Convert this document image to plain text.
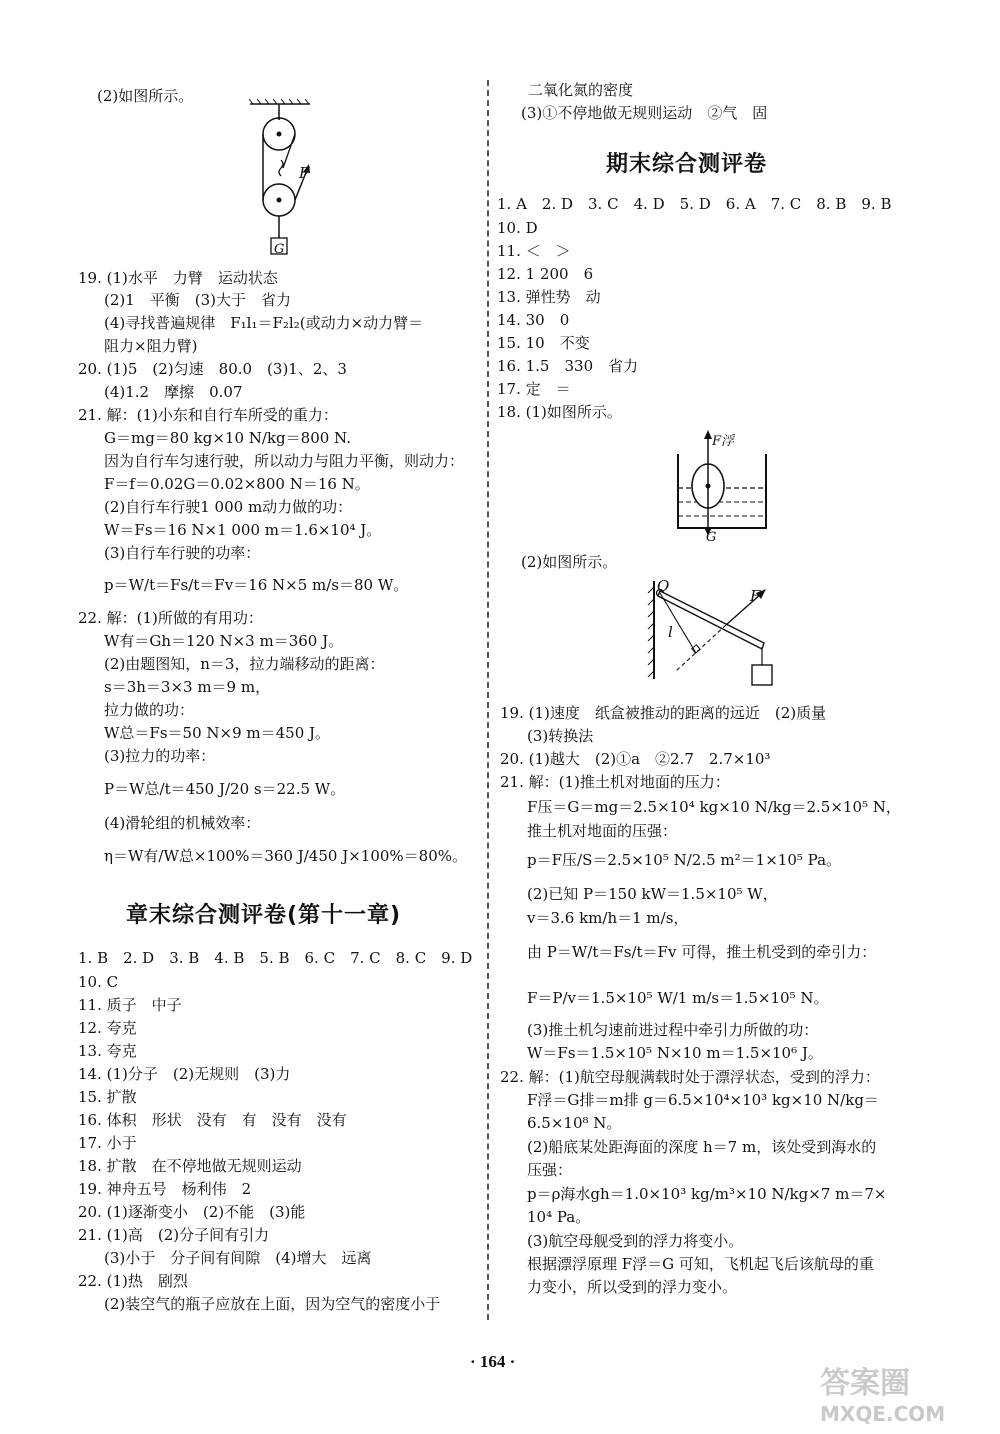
(2)如图所示。
F
G
19. (1)水平　力臂　运动状态
(2)1　平衡　(3)大于　省力
(4)寻找普遍规律　F₁l₁＝F₂l₂(或动力×动力臂＝
阻力×阻力臂)
20. (1)5　(2)匀速　80.0　(3)1、2、3
(4)1.2　摩擦　0.07
21. 解：(1)小东和自行车所受的重力：
G＝mg＝80 kg×10 N/kg＝800 N.
因为自行车匀速行驶，所以动力与阻力平衡，则动力：
F＝f＝0.02G＝0.02×800 N＝16 N。
(2)自行车行驶1 000 m动力做的功：
W＝Fs＝16 N×1 000 m＝1.6×10⁴ J。
(3)自行车行驶的功率：
p＝W/t＝Fs/t＝Fv＝16 N×5 m/s＝80 W。
22. 解：(1)所做的有用功：
W有＝Gh＝120 N×3 m＝360 J。
(2)由题图知，n＝3，拉力端移动的距离：
s＝3h＝3×3 m＝9 m，
拉力做的功：
W总＝Fs＝50 N×9 m＝450 J。
(3)拉力的功率：
P＝W总/t＝450 J/20 s＝22.5 W。
(4)滑轮组的机械效率：
η＝W有/W总×100%＝360 J/450 J×100%＝80%。
章末综合测评卷(第十一章)
1. B　2. D　3. B　4. B　5. B　6. C　7. C　8. C　9. D
10. C
11. 质子　中子
12. 夸克
13. 夸克
14. (1)分子　(2)无规则　(3)力
15. 扩散
16. 体积　形状　没有　有　没有　没有
17. 小于
18. 扩散　在不停地做无规则运动
19. 神舟五号　杨利伟　2
20. (1)逐渐变小　(2)不能　(3)能
21. (1)高　(2)分子间有引力
(3)小于　分子间有间隙　(4)增大　远离
22. (1)热　剧烈
(2)装空气的瓶子应放在上面，因为空气的密度小于
二氧化氮的密度
(3)①不停地做无规则运动　②气　固
期末综合测评卷
1. A　2. D　3. C　4. D　5. D　6. A　7. C　8. B　9. B
10. D
11. ＜　＞
12. 1 200　6
13. 弹性势　动
14. 30　0
15. 10　不变
16. 1.5　330　省力
17. 定　＝
18. (1)如图所示。
F浮
G
(2)如图所示。
O
F
l
19. (1)速度　纸盒被推动的距离的远近　(2)质量
(3)转换法
20. (1)越大　(2)①a　②2.7　2.7×10³
21. 解：(1)推土机对地面的压力：
F压＝G＝mg＝2.5×10⁴ kg×10 N/kg＝2.5×10⁵ N，
推土机对地面的压强：
p＝F压/S＝2.5×10⁵ N/2.5 m²＝1×10⁵ Pa。
(2)已知 P＝150 kW＝1.5×10⁵ W，
v＝3.6 km/h＝1 m/s，
由 P＝W/t＝Fs/t＝Fv 可得，推土机受到的牵引力：
F＝P/v＝1.5×10⁵ W/1 m/s＝1.5×10⁵ N。
(3)推土机匀速前进过程中牵引力所做的功：
W＝Fs＝1.5×10⁵ N×10 m＝1.5×10⁶ J。
22. 解：(1)航空母舰满载时处于漂浮状态，受到的浮力：
F浮＝G排＝m排 g＝6.5×10⁴×10³ kg×10 N/kg＝
6.5×10⁸ N。
(2)船底某处距海面的深度 h＝7 m，该处受到海水的
压强：
p＝ρ海水gh＝1.0×10³ kg/m³×10 N/kg×7 m＝7×
10⁴ Pa。
(3)航空母舰受到的浮力将变小。
根据漂浮原理 F浮＝G 可知，飞机起飞后该航母的重
力变小，所以受到的浮力变小。
· 164 ·
答案圈
MXQE.COM
